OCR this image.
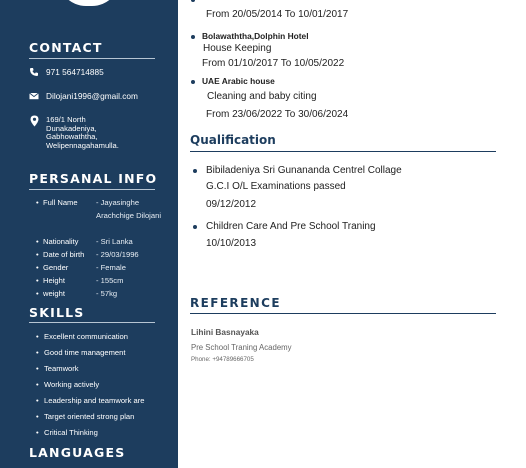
CONTACT
971 564714885
Dilojani1996@gmail.com
169/1 North
Dunakadeniya,
Gabhowaththa,
Welipennagahamulla.
PERSANAL INFO
• Full Name - Jayasinghe Arachchige Dilojani
• Nationality - Sri Lanka
• Date of birth - 29/03/1996
• Gender	- Female
• Height	- 155cm
• weight	- 57kg
SKILLS
• Excellent communication
• Good time management
• Teamwork
• Working actively
• Leadership and teamwork are
• Target oriented strong plan
• Critical Thinking
LANGUAGES
From 20/05/2014 To 10/01/2017
Bolawaththa,Dolphin Hotel
House Keeping
From 01/10/2017 To 10/05/2022
UAE Arabic house
Cleaning and baby citing
From 23/06/2022 To 30/06/2024
Qualification
Bibiladeniya Sri Gunananda Centrel Collage
G.C.I O/L Examinations passed
09/12/2012
Children Care And Pre School Traning
10/10/2013
REFERENCE
Lihini Basnayaka
Pre School Traning Academy
Phone: +94789666705
